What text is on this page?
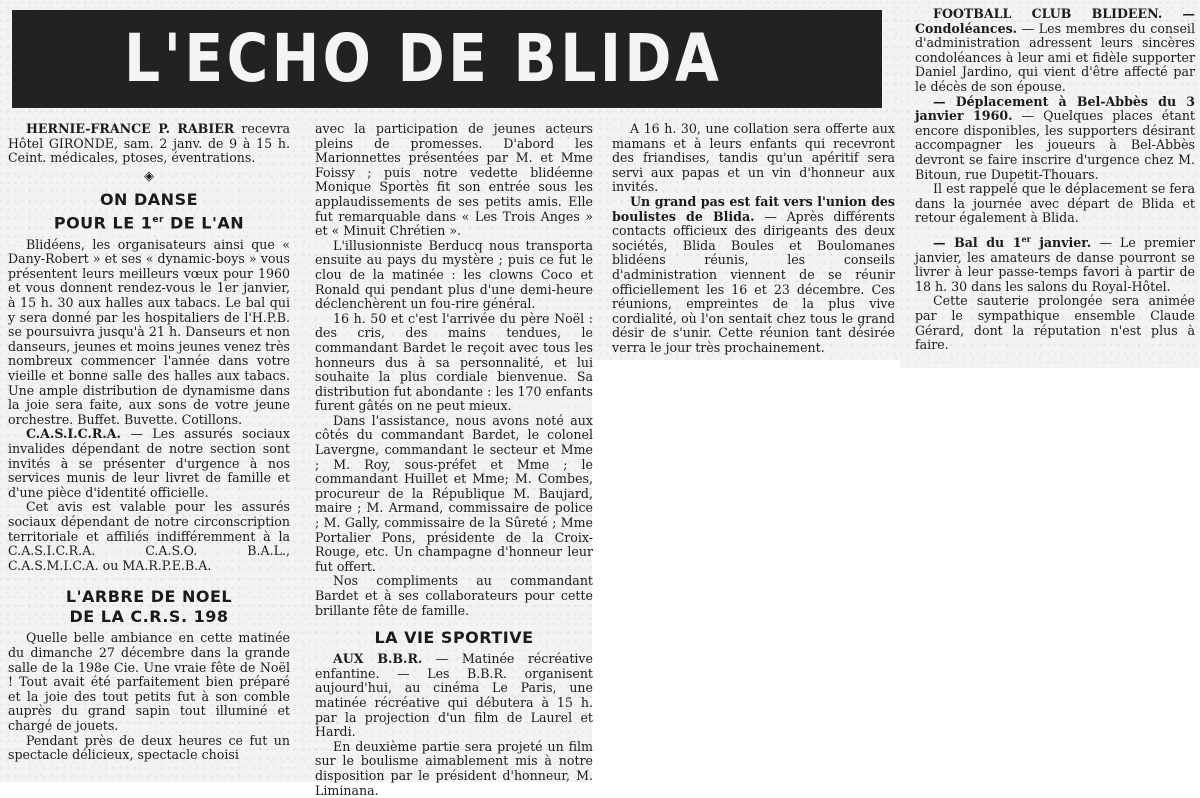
L'ECHO DE BLIDA

HERNIE-FRANCE P. RABIER recevra Hôtel GIRONDE, sam. 2 janv. de 9 à 15 h. Ceint. médicales, ptoses, éventrations.

◈
ON DANSE
POUR LE 1er DE L'AN

Blidéens, les organisateurs ainsi que « Dany-Robert » et ses « dynamic-boys » vous présentent leurs meilleurs vœux pour 1960 et vous donnent rendez-vous le 1er janvier, à 15 h. 30 aux halles aux tabacs. Le bal qui y sera donné par les hospitaliers de l'H.P.B. se poursuivra jusqu'à 21 h. Danseurs et non danseurs, jeunes et moins jeunes venez très nombreux commencer l'année dans votre vieille et bonne salle des halles aux tabacs. Une ample distribution de dynamisme dans la joie sera faite, aux sons de votre jeune orchestre. Buffet. Buvette. Cotillons.

C.A.S.I.C.R.A. — Les assurés sociaux invalides dépendant de notre section sont invités à se présenter d'urgence à nos services munis de leur livret de famille et d'une pièce d'identité officielle.

Cet avis est valable pour les assurés sociaux dépendant de notre circonscription territoriale et affiliés indifféremment à la C.A.S.I.C.R.A. C.A.S.O. B.A.L., C.A.S.M.I.C.A. ou MA.R.P.E.B.A.

L'ARBRE DE NOEL
DE LA C.R.S. 198

Quelle belle ambiance en cette matinée du dimanche 27 décembre dans la grande salle de la 198e Cie. Une vraie fête de Noël ! Tout avait été parfaitement bien préparé et la joie des tout petits fut à son comble auprès du grand sapin tout illuminé et chargé de jouets.

Pendant près de deux heures ce fut un spectacle délicieux, spectacle choisi

avec la participation de jeunes acteurs pleins de promesses. D'abord les Marionnettes présentées par M. et Mme Foissy ; puis notre vedette blidéenne Monique Sportès fit son entrée sous les applaudissements de ses petits amis. Elle fut remarquable dans « Les Trois Anges » et « Minuit Chrétien ».

L'illusionniste Berducq nous transporta ensuite au pays du mystère ; puis ce fut le clou de la matinée : les clowns Coco et Ronald qui pendant plus d'une demi-heure déclenchèrent un fou-rire général.

16 h. 50 et c'est l'arrivée du père Noël : des cris, des mains tendues, le commandant Bardet le reçoit avec tous les honneurs dus à sa personnalité, et lui souhaite la plus cordiale bienvenue. Sa distribution fut abondante : les 170 enfants furent gâtés on ne peut mieux.

Dans l'assistance, nous avons noté aux côtés du commandant Bardet, le colonel Lavergne, commandant le secteur et Mme ; M. Roy, sous-préfet et Mme ; le commandant Huillet et Mme; M. Combes, procureur de la République M. Baujard, maire ; M. Armand, commissaire de police ; M. Gally, commissaire de la Sûreté ; Mme Portalier Pons, présidente de la Croix-Rouge, etc. Un champagne d'honneur leur fut offert.

Nos compliments au commandant Bardet et à ses collaborateurs pour cette brillante fête de famille.

LA VIE SPORTIVE

AUX B.B.R. — Matinée récréative enfantine. — Les B.B.R. organisent aujourd'hui, au cinéma Le Paris, une matinée récréative qui débutera à 15 h. par la projection d'un film de Laurel et Hardi.

En deuxième partie sera projeté un film sur le boulisme aimablement mis à notre disposition par le président d'honneur, M. Liminana.

A 16 h. 30, une collation sera offerte aux mamans et à leurs enfants qui recevront des friandises, tandis qu'un apéritif sera servi aux papas et un vin d'honneur aux invités.

Un grand pas est fait vers l'union des boulistes de Blida. — Après différents contacts officieux des dirigeants des deux sociétés, Blida Boules et Boulomanes blidéens réunis, les conseils d'administration viennent de se réunir officiellement les 16 et 23 décembre. Ces réunions, empreintes de la plus vive cordialité, où l'on sentait chez tous le grand désir de s'unir. Cette réunion tant désirée verra le jour très prochainement.

FOOTBALL CLUB BLIDEEN. — Condoléances. — Les membres du conseil d'administration adressent leurs sincères condoléances à leur ami et fidèle supporter Daniel Jardino, qui vient d'être affecté par le décès de son épouse.

— Déplacement à Bel-Abbès du 3 janvier 1960. — Quelques places étant encore disponibles, les supporters désirant accompagner les joueurs à Bel-Abbès devront se faire inscrire d'urgence chez M. Bitoun, rue Dupetit-Thouars.

Il est rappelé que le déplacement se fera dans la journée avec départ de Blida et retour également à Blida.

— Bal du 1er janvier. — Le premier janvier, les amateurs de danse pourront se livrer à leur passe-temps favori à partir de 18 h. 30 dans les salons du Royal-Hôtel.

Cette sauterie prolongée sera animée par le sympathique ensemble Claude Gérard, dont la réputation n'est plus à faire.
